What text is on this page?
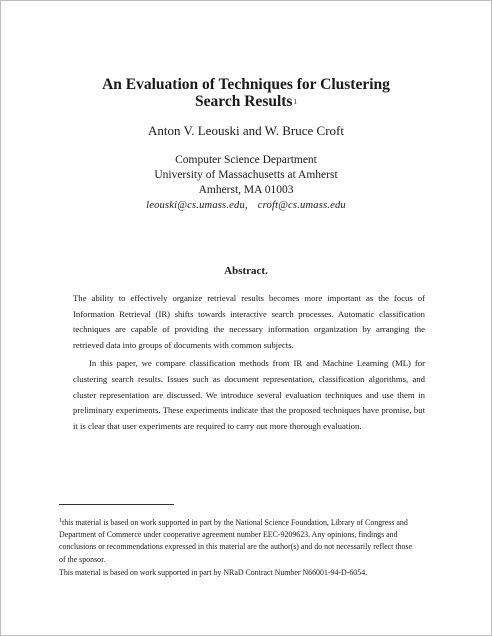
An Evaluation of Techniques for Clustering
Search Results$^1$
Anton V. Leouski and W. Bruce Croft
Computer Science Department
University of Massachusetts at Amherst
Amherst, MA 01003
leouski@cs.umass.edu, croft@cs.umass.edu
Abstract.

The ability to effectively organize retrieval results becomes more important as the focus of Information Retrieval (IR) shifts towards interactive search processes. Automatic classification techniques are capable of providing the necessary information organization by arranging the retrieved data into groups of documents with common subjects.

In this paper, we compare classification methods from IR and Machine Learning (ML) for clustering search results. Issues such as document representation, classification algorithms, and cluster representation are discussed. We introduce several evaluation techniques and use them in preliminary experiments. These experiments indicate that the proposed techniques have promise, but it is clear that user experiments are required to carry out more thorough evaluation.

$^1$this material is based on work supported in part by the National Science Foundation, Library of Congress and Department of Commerce under cooperative agreement number EEC-9209623. Any opinions, findings and conclusions or recommendations expressed in this material are the author(s) and do not necessarily reflect those of the sponsor.
This material is based on work supported in part by NRaD Contract Number N66001-94-D-6054.
